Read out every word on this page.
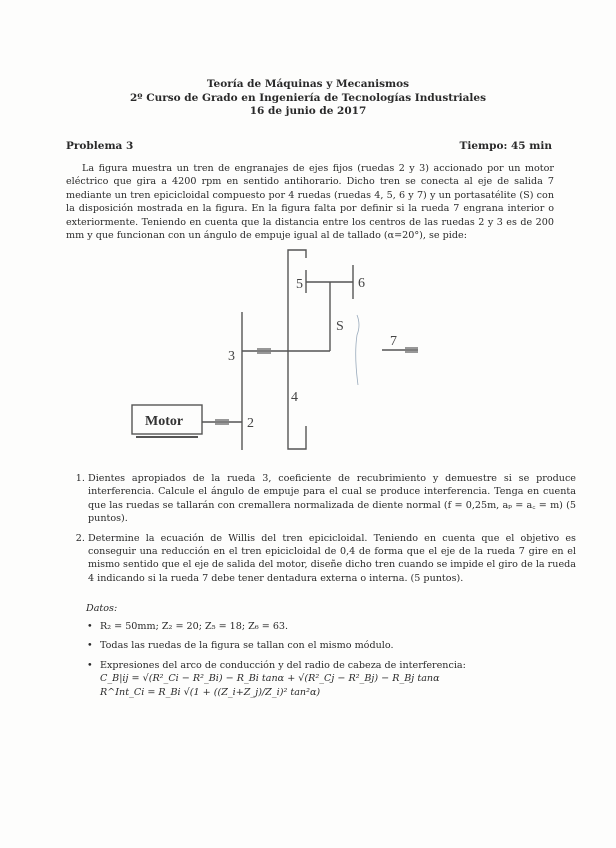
Teoría de Máquinas y Mecanismos
2º Curso de Grado en Ingeniería de Tecnologías Industriales
16 de junio de 2017
Problema 3	Tiempo: 45 min
La figura muestra un tren de engranajes de ejes fijos (ruedas 2 y 3) accionado por un motor eléctrico que gira a 4200 rpm en sentido antihorario. Dicho tren se conecta al eje de salida 7 mediante un tren epicicloidal compuesto por 4 ruedas (ruedas 4, 5, 6 y 7) y un portasatélite (S) con la disposición mostrada en la figura. En la figura falta por definir si la rueda 7 engrana interior o exteriormente. Teniendo en cuenta que la distancia entre los centros de las ruedas 2 y 3 es de 200 mm y que funcionan con un ángulo de empuje igual al de tallado (α=20°), se pide:
Motor
3
2
4
5	6
S
7
1. Dientes apropiados de la rueda 3, coeficiente de recubrimiento y demuestre si se produce interferencia. Calcule el ángulo de empuje para el cual se produce interferencia. Tenga en cuenta que las ruedas se tallarán con cremallera normalizada de diente normal (f = 0,25m, aₚ = a꜀ = m) (5 puntos).
2. Determine la ecuación de Willis del tren epicicloidal. Teniendo en cuenta que el objetivo es conseguir una reducción en el tren epicicloidal de 0,4 de forma que el eje de la rueda 7 gire en el mismo sentido que el eje de salida del motor, diseñe dicho tren cuando se impide el giro de la rueda 4 indicando si la rueda 7 debe tener dentadura externa o interna. (5 puntos).
Datos:
• R₂ = 50mm; Z₂ = 20; Z₅ = 18; Z₆ = 63.
• Todas las ruedas de la figura se tallan con el mismo módulo.
• Expresiones del arco de conducción y del radio de cabeza de interferencia:
C_B|ij = √(R²_Ci − R²_Bi) − R_Bi tanα + √(R²_Cj − R²_Bj) − R_Bj tanα
R^Int_Ci = R_Bi √(1 + ((Z_i+Z_j)/Z_i)² tan²α)
